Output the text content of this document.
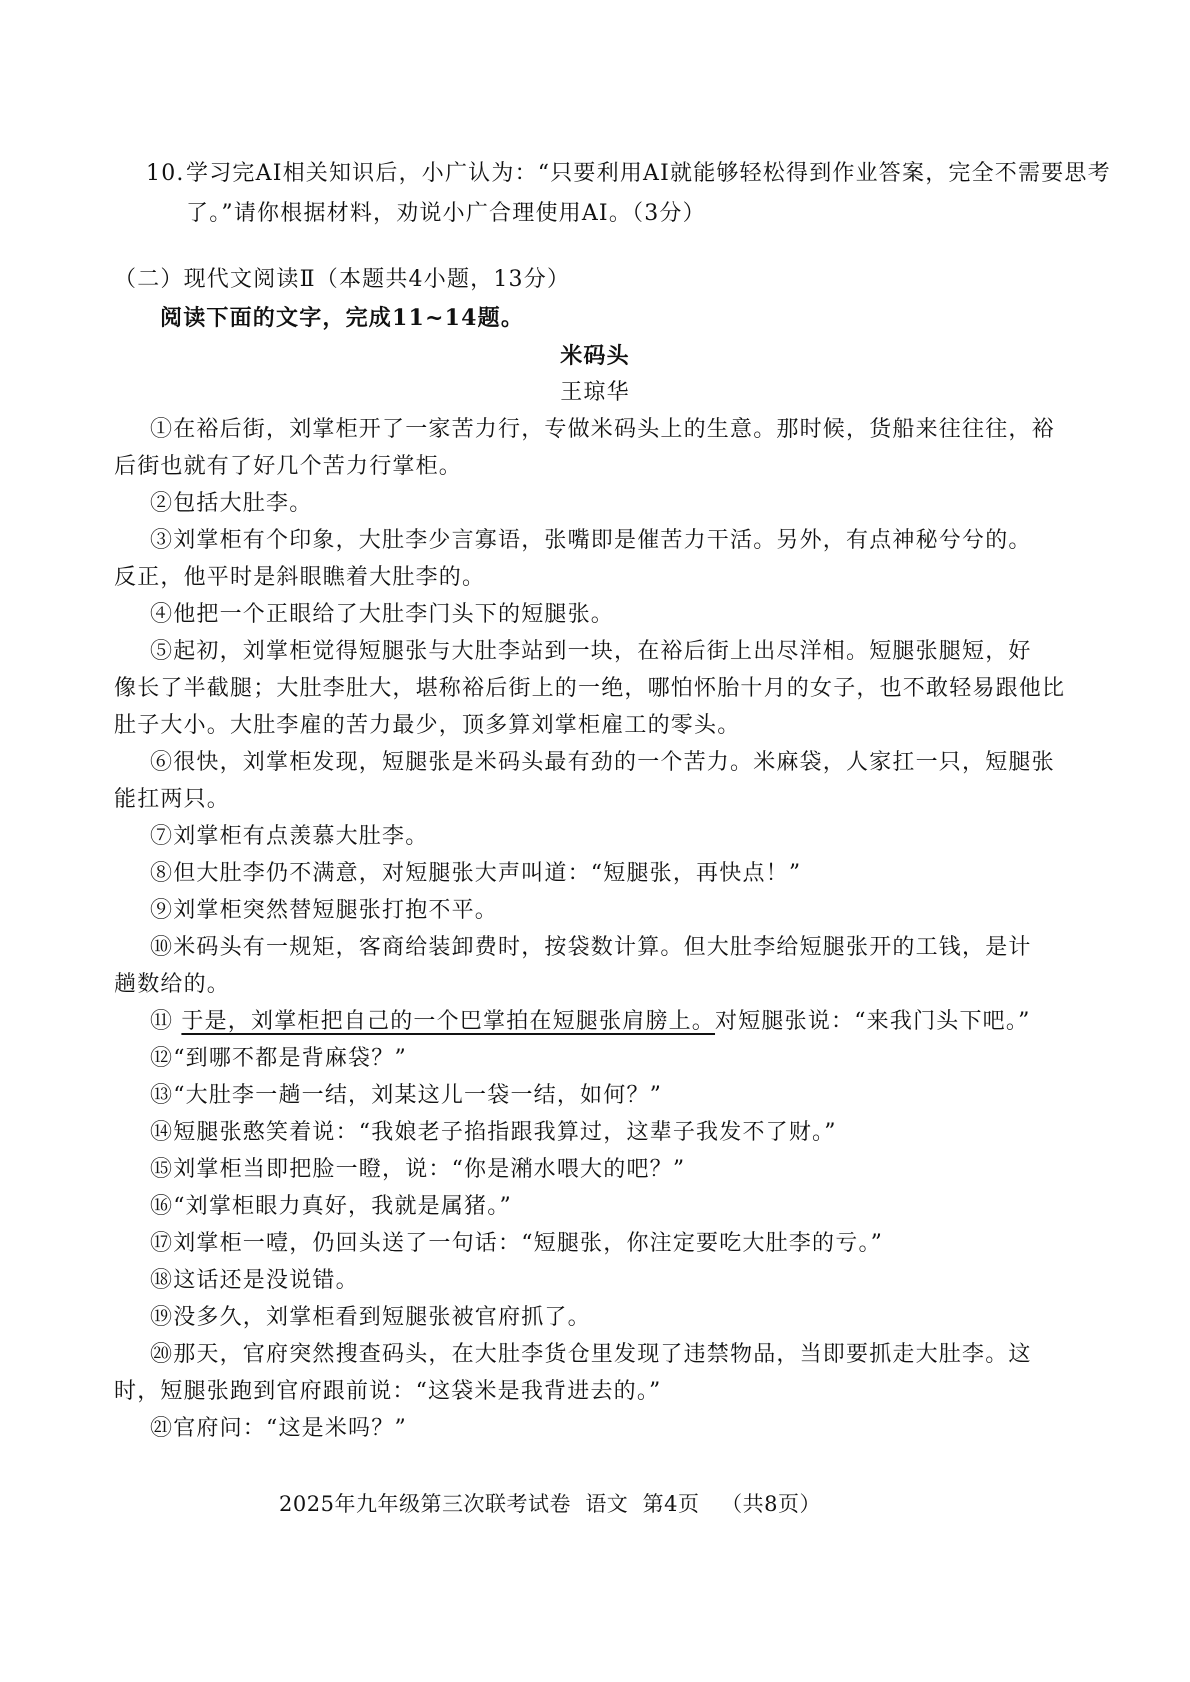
10.学习完AI相关知识后，小广认为：“只要利用AI就能够轻松得到作业答案，完全不需要思考

了。”请你根据材料，劝说小广合理使用AI。（3分）

（二）现代文阅读Ⅱ（本题共4小题，13分）

阅读下面的文字，完成11~14题。

米码头

王琼华

①在裕后街，刘掌柜开了一家苦力行，专做米码头上的生意。那时候，货船来往往往，裕

后街也就有了好几个苦力行掌柜。

②包括大肚李。

③刘掌柜有个印象，大肚李少言寡语，张嘴即是催苦力干活。另外，有点神秘兮兮的。

反正，他平时是斜眼瞧着大肚李的。

④他把一个正眼给了大肚李门头下的短腿张。

⑤起初，刘掌柜觉得短腿张与大肚李站到一块，在裕后街上出尽洋相。短腿张腿短，好

像长了半截腿；大肚李肚大，堪称裕后街上的一绝，哪怕怀胎十月的女子，也不敢轻易跟他比

肚子大小。大肚李雇的苦力最少，顶多算刘掌柜雇工的零头。

⑥很快，刘掌柜发现，短腿张是米码头最有劲的一个苦力。米麻袋，人家扛一只，短腿张

能扛两只。

⑦刘掌柜有点羡慕大肚李。

⑧但大肚李仍不满意，对短腿张大声叫道：“短腿张，再快点！”

⑨刘掌柜突然替短腿张打抱不平。

⑩米码头有一规矩，客商给装卸费时，按袋数计算。但大肚李给短腿张开的工钱，是计

趟数给的。

⑪ 于是，刘掌柜把自己的一个巴掌拍在短腿张肩膀上。对短腿张说：“来我门头下吧。”

⑫“到哪不都是背麻袋？”

⑬“大肚李一趟一结，刘某这儿一袋一结，如何？”

⑭短腿张憨笑着说：“我娘老子掐指跟我算过，这辈子我发不了财。”

⑮刘掌柜当即把脸一瞪，说：“你是潲水喂大的吧？”

⑯“刘掌柜眼力真好，我就是属猪。”

⑰刘掌柜一噎，仍回头送了一句话：“短腿张，你注定要吃大肚李的亏。”

⑱这话还是没说错。

⑲没多久，刘掌柜看到短腿张被官府抓了。

⑳那天，官府突然搜查码头，在大肚李货仓里发现了违禁物品，当即要抓走大肚李。这

时，短腿张跑到官府跟前说：“这袋米是我背进去的。”

㉑官府问：“这是米吗？”

2025年九年级第三次联考试卷 语文 第4页 （共8页）
